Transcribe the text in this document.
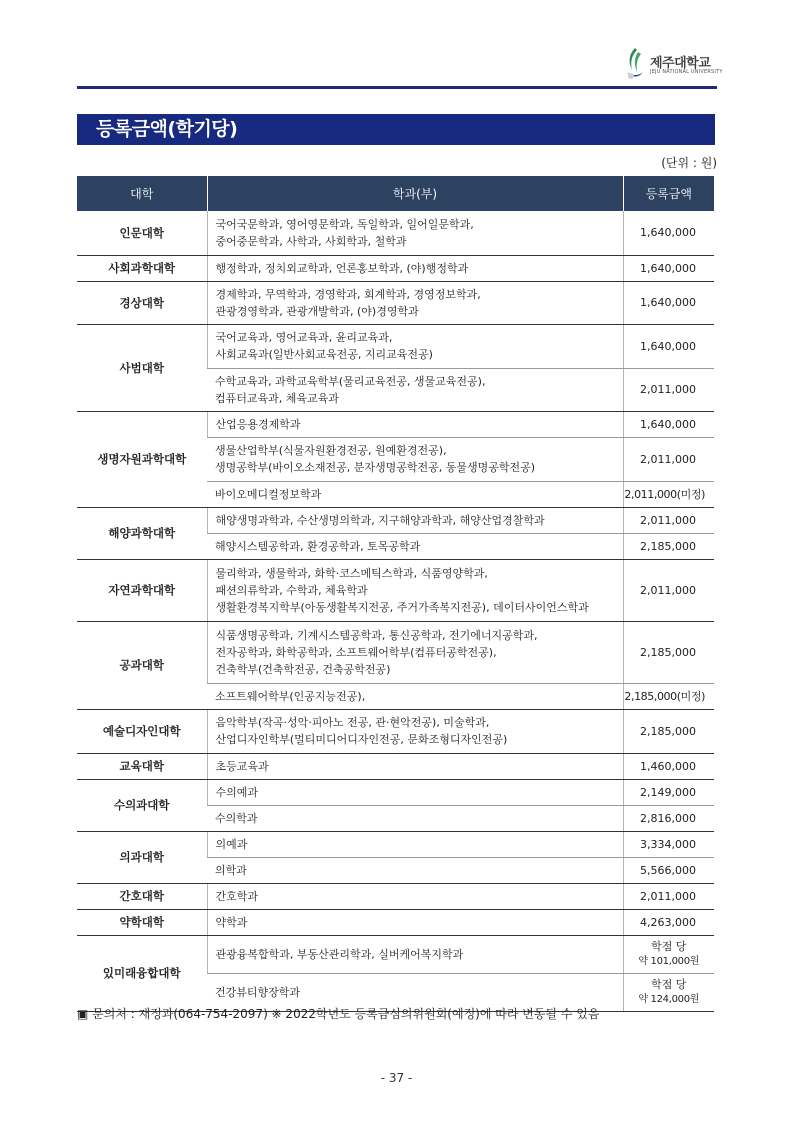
제주대학교
JEJU NATIONAL UNIVERSITY
등록금액(학기당)
(단위 : 원)
대학	학과(부)	등록금액
인문대학	국어국문학과, 영어영문학과, 독일학과, 일어일문학과,
중어중문학과, 사학과, 사회학과, 철학과	1,640,000

사회과학대학	행정학과, 정치외교학과, 언론홍보학과, (야)행정학과	1,640,000

경상대학	경제학과, 무역학과, 경영학과, 회계학과, 경영정보학과,
관광경영학과, 관광개발학과, (야)경영학과	1,640,000

사범대학	국어교육과, 영어교육과, 윤리교육과,
사회교육과(일반사회교육전공, 지리교육전공)	1,640,000

	수학교육과, 과학교육학부(물리교육전공, 생물교육전공),
컴퓨터교육과, 체육교육과	2,011,000

생명자원과학대학	산업응용경제학과	1,640,000

	생물산업학부(식물자원환경전공, 원예환경전공),
생명공학부(바이오소재전공, 분자생명공학전공, 동물생명공학전공)	2,011,000

	바이오메디컬정보학과	2,011,000(미정)

해양과학대학	해양생명과학과, 수산생명의학과, 지구해양과학과, 해양산업경찰학과	2,011,000

	해양시스템공학과, 환경공학과, 토목공학과	2,185,000

자연과학대학	물리학과, 생물학과, 화학·코스메틱스학과, 식품영양학과,
패션의류학과, 수학과, 체육학과
생활환경복지학부(아동생활복지전공, 주거가족복지전공), 데이터사이언스학과	2,011,000

공과대학	식품생명공학과, 기계시스템공학과, 통신공학과, 전기에너지공학과,
전자공학과, 화학공학과, 소프트웨어학부(컴퓨터공학전공),
건축학부(건축학전공, 건축공학전공)	2,185,000

	소프트웨어학부(인공지능전공),	2,185,000(미정)

예술디자인대학	음악학부(작곡·성악·피아노 전공, 관·현악전공), 미술학과,
산업디자인학부(멀티미디어디자인전공, 문화조형디자인전공)	2,185,000

교육대학	초등교육과	1,460,000

수의과대학	수의예과	2,149,000

	수의학과	2,816,000

의과대학	의예과	3,334,000

	의학과	5,566,000

간호대학	간호학과	2,011,000

약학대학	약학과	4,263,000

있미래융합대학	관광융복합학과, 부동산관리학과, 실버케어복지학과	학점 당
약 101,000원

	건강뷰티향장학과	학점 당
약 124,000원
▣ 문의처 : 재정과(064-754-2097) ※ 2022학년도 등록금심의위원회(예정)에 따라 변동될 수 있음
- 37 -
